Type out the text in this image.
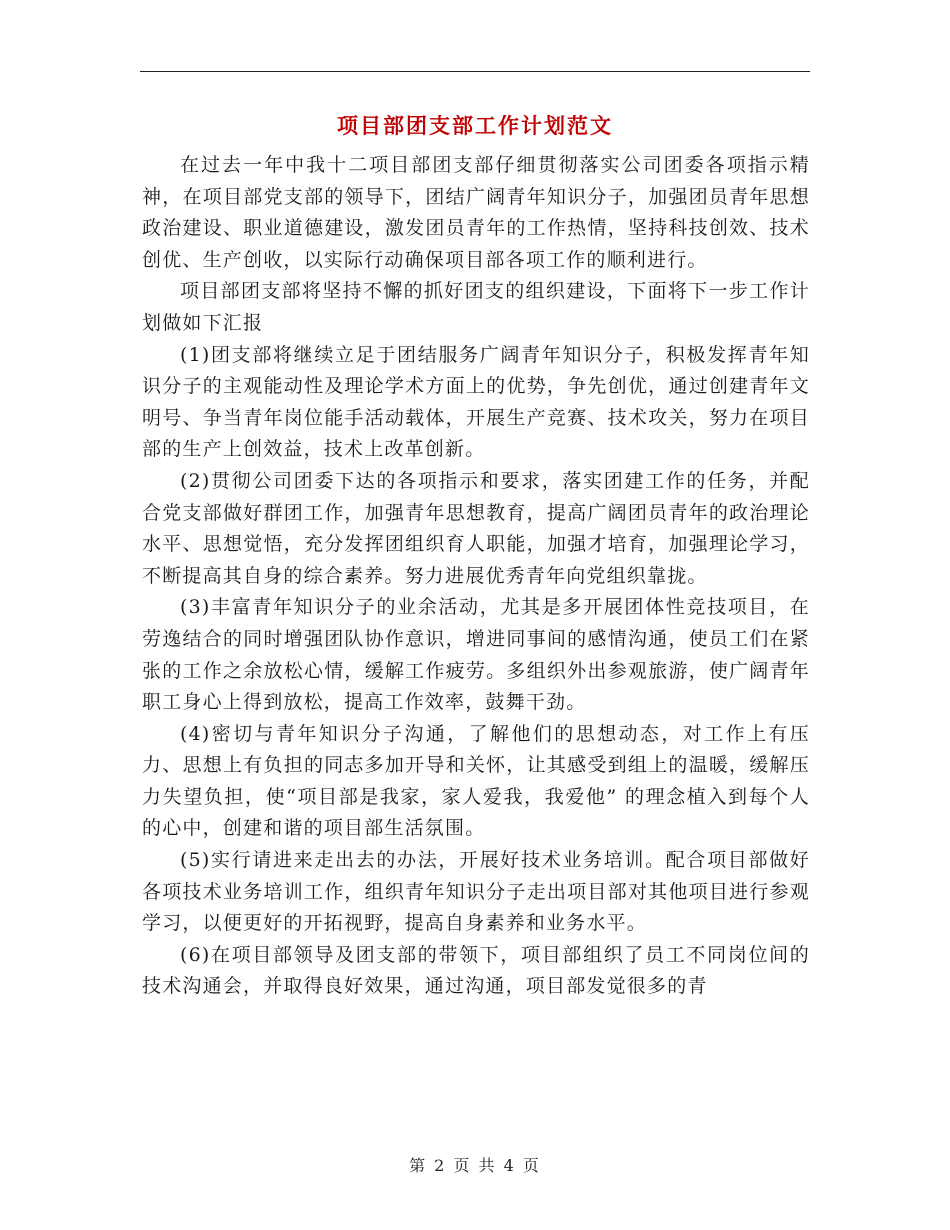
项目部团支部工作计划范文

在过去一年中我十二项目部团支部仔细贯彻落实公司团委各项指示精神，在项目部党支部的领导下，团结广阔青年知识分子，加强团员青年思想政治建设、职业道德建设，激发团员青年的工作热情，坚持科技创效、技术创优、生产创收，以实际行动确保项目部各项工作的顺利进行。

项目部团支部将坚持不懈的抓好团支的组织建设，下面将下一步工作计划做如下汇报

(1)团支部将继续立足于团结服务广阔青年知识分子，积极发挥青年知识分子的主观能动性及理论学术方面上的优势，争先创优，通过创建青年文明号、争当青年岗位能手活动载体，开展生产竞赛、技术攻关，努力在项目部的生产上创效益，技术上改革创新。

(2)贯彻公司团委下达的各项指示和要求，落实团建工作的任务，并配合党支部做好群团工作，加强青年思想教育，提高广阔团员青年的政治理论水平、思想觉悟，充分发挥团组织育人职能，加强才培育，加强理论学习，不断提高其自身的综合素养。努力进展优秀青年向党组织靠拢。

(3)丰富青年知识分子的业余活动，尤其是多开展团体性竞技项目，在劳逸结合的同时增强团队协作意识，增进同事间的感情沟通，使员工们在紧张的工作之余放松心情，缓解工作疲劳。多组织外出参观旅游，使广阔青年职工身心上得到放松，提高工作效率，鼓舞干劲。

(4)密切与青年知识分子沟通，了解他们的思想动态，对工作上有压力、思想上有负担的同志多加开导和关怀，让其感受到组上的温暖，缓解压力失望负担，使“项目部是我家，家人爱我，我爱他” 的理念植入到每个人的心中，创建和谐的项目部生活氛围。

(5)实行请进来走出去的办法，开展好技术业务培训。配合项目部做好各项技术业务培训工作，组织青年知识分子走出项目部对其他项目进行参观学习，以便更好的开拓视野，提高自身素养和业务水平。

(6)在项目部领导及团支部的带领下，项目部组织了员工不同岗位间的技术沟通会，并取得良好效果，通过沟通，项目部发觉很多的青

第 2 页 共 4 页
